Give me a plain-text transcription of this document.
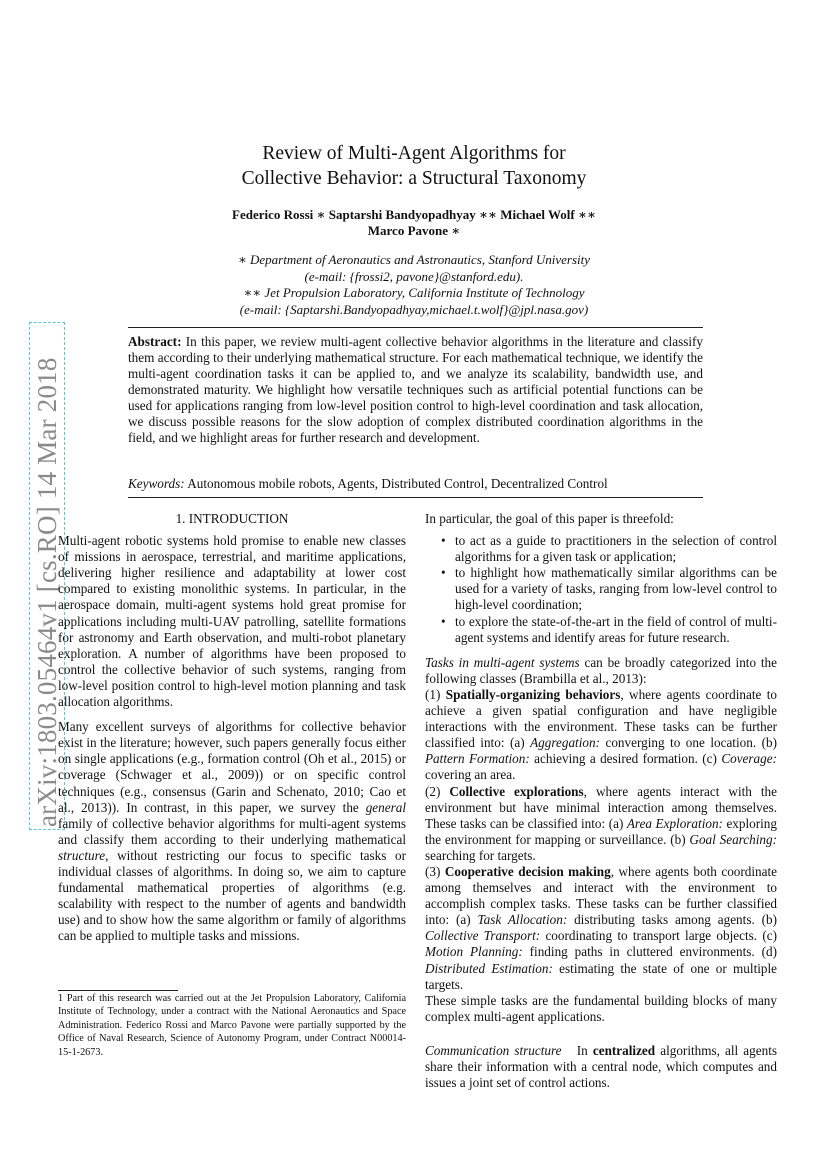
arXiv:1803.05464v1 [cs.RO] 14 Mar 2018
Review of Multi-Agent Algorithms for
Collective Behavior: a Structural Taxonomy
Federico Rossi ∗ Saptarshi Bandyopadhyay ∗∗ Michael Wolf ∗∗
Marco Pavone ∗
∗ Department of Aeronautics and Astronautics, Stanford University
(e-mail: {frossi2, pavone}@stanford.edu).
∗∗ Jet Propulsion Laboratory, California Institute of Technology
(e-mail: {Saptarshi.Bandyopadhyay,michael.t.wolf}@jpl.nasa.gov)
Abstract: In this paper, we review multi-agent collective behavior algorithms in the literature and classify them according to their underlying mathematical structure. For each mathematical technique, we identify the multi-agent coordination tasks it can be applied to, and we analyze its scalability, bandwidth use, and demonstrated maturity. We highlight how versatile techniques such as artificial potential functions can be used for applications ranging from low-level position control to high-level coordination and task allocation, we discuss possible reasons for the slow adoption of complex distributed coordination algorithms in the field, and we highlight areas for further research and development.
Keywords: Autonomous mobile robots, Agents, Distributed Control, Decentralized Control
1. INTRODUCTION

Multi-agent robotic systems hold promise to enable new classes of missions in aerospace, terrestrial, and maritime applications, delivering higher resilience and adaptability at lower cost compared to existing monolithic systems. In particular, in the aerospace domain, multi-agent systems hold great promise for applications including multi-UAV patrolling, satellite formations for astronomy and Earth observation, and multi-robot planetary exploration. A number of algorithms have been proposed to control the collective behavior of such systems, ranging from low-level position control to high-level motion planning and task allocation algorithms.

Many excellent surveys of algorithms for collective behavior exist in the literature; however, such papers generally focus either on single applications (e.g., formation control (Oh et al., 2015) or coverage (Schwager et al., 2009)) or on specific control techniques (e.g., consensus (Garin and Schenato, 2010; Cao et al., 2013)). In contrast, in this paper, we survey the general family of collective behavior algorithms for multi-agent systems and classify them according to their underlying mathematical structure, without restricting our focus to specific tasks or individual classes of algorithms. In doing so, we aim to capture fundamental mathematical properties of algorithms (e.g. scalability with respect to the number of agents and bandwidth use) and to show how the same algorithm or family of algorithms can be applied to multiple tasks and missions.

1 Part of this research was carried out at the Jet Propulsion Laboratory, California Institute of Technology, under a contract with the National Aeronautics and Space Administration. Federico Rossi and Marco Pavone were partially supported by the Office of Naval Research, Science of Autonomy Program, under Contract N00014-15-1-2673.
In particular, the goal of this paper is threefold:
• to act as a guide to practitioners in the selection of control algorithms for a given task or application;
• to highlight how mathematically similar algorithms can be used for a variety of tasks, ranging from low-level control to high-level coordination;
• to explore the state-of-the-art in the field of control of multi-agent systems and identify areas for future research.
Tasks in multi-agent systems can be broadly categorized into the following classes (Brambilla et al., 2013):
(1) Spatially-organizing behaviors, where agents coordinate to achieve a given spatial configuration and have negligible interactions with the environment. These tasks can be further classified into: (a) Aggregation: converging to one location. (b) Pattern Formation: achieving a desired formation. (c) Coverage: covering an area.
(2) Collective explorations, where agents interact with the environment but have minimal interaction among themselves. These tasks can be classified into: (a) Area Exploration: exploring the environment for mapping or surveillance. (b) Goal Searching: searching for targets.
(3) Cooperative decision making, where agents both coordinate among themselves and interact with the environment to accomplish complex tasks. These tasks can be further classified into: (a) Task Allocation: distributing tasks among agents. (b) Collective Transport: coordinating to transport large objects. (c) Motion Planning: finding paths in cluttered environments. (d) Distributed Estimation: estimating the state of one or multiple targets.

These simple tasks are the fundamental building blocks of many complex multi-agent applications.

Communication structure   In centralized algorithms, all agents share their information with a central node, which computes and issues a joint set of control actions.
